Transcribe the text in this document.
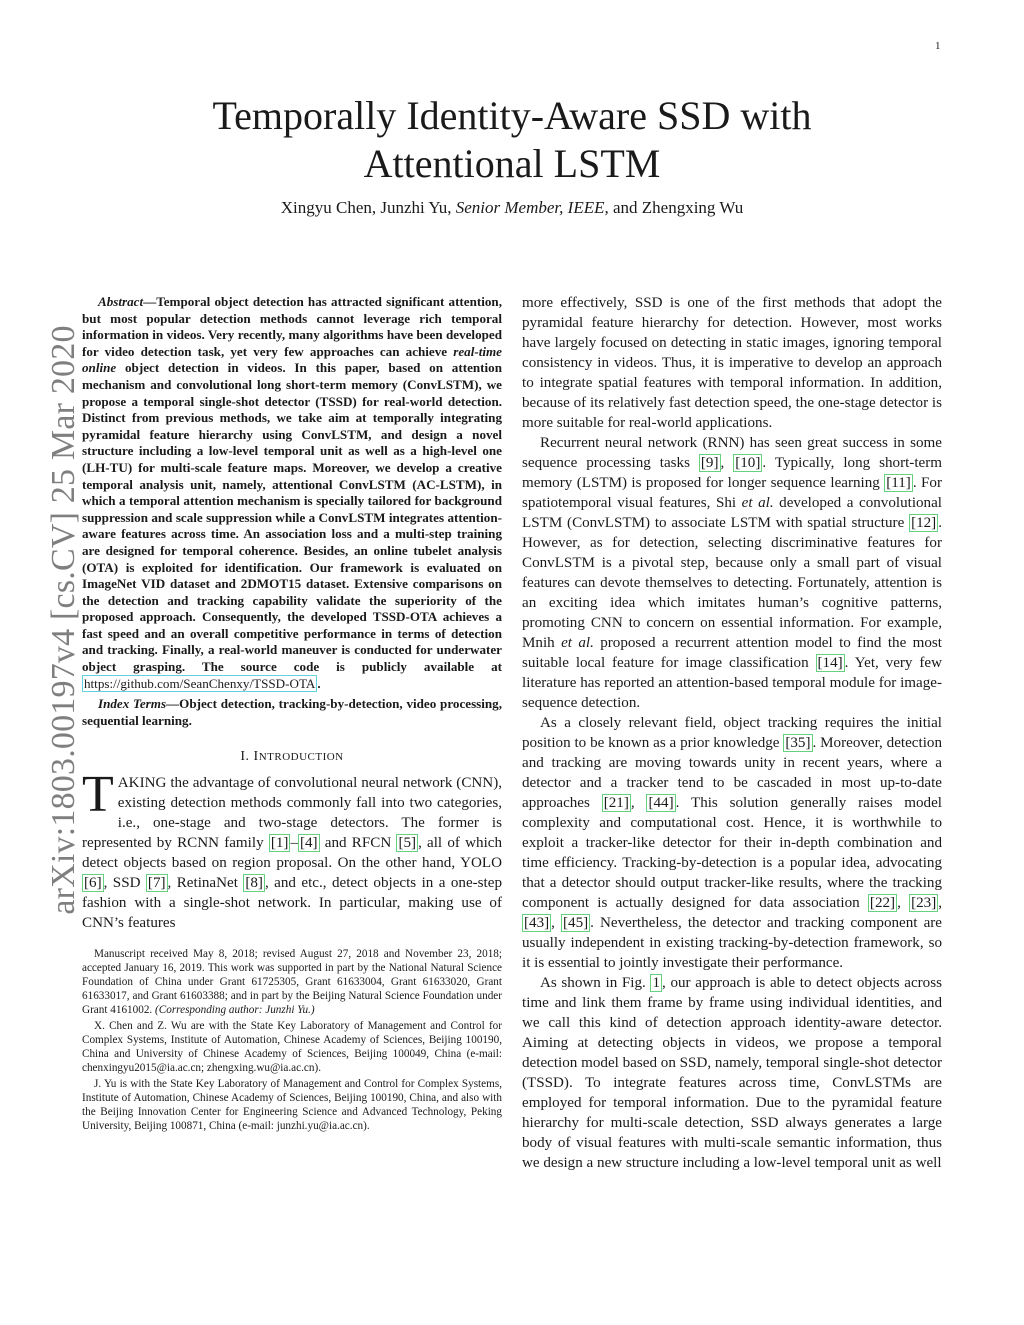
1
arXiv:1803.00197v4 [cs.CV] 25 Mar 2020
Temporally Identity-Aware SSD with
Attentional LSTM
Xingyu Chen, Junzhi Yu, Senior Member, IEEE, and Zhengxing Wu

Abstract—Temporal object detection has attracted significant attention, but most popular detection methods cannot leverage rich temporal information in videos. Very recently, many algorithms have been developed for video detection task, yet very few approaches can achieve real-time online object detection in videos. In this paper, based on attention mechanism and convolutional long short-term memory (ConvLSTM), we propose a temporal single-shot detector (TSSD) for real-world detection. Distinct from previous methods, we take aim at temporally integrating pyramidal feature hierarchy using ConvLSTM, and design a novel structure including a low-level temporal unit as well as a high-level one (LH-TU) for multi-scale feature maps. Moreover, we develop a creative temporal analysis unit, namely, attentional ConvLSTM (AC-LSTM), in which a temporal attention mechanism is specially tailored for background suppression and scale suppression while a ConvLSTM integrates attention-aware features across time. An association loss and a multi-step training are designed for temporal coherence. Besides, an online tubelet analysis (OTA) is exploited for identification. Our framework is evaluated on ImageNet VID dataset and 2DMOT15 dataset. Extensive comparisons on the detection and tracking capability validate the superiority of the proposed approach. Consequently, the developed TSSD-OTA achieves a fast speed and an overall competitive performance in terms of detection and tracking. Finally, a real-world maneuver is conducted for underwater object grasping. The source code is publicly available at https://github.com/SeanChenxy/TSSD-OTA .

Index Terms—Object detection, tracking-by-detection, video processing, sequential learning.

I. INTRODUCTION

TAKING the advantage of convolutional neural network (CNN), existing detection methods commonly fall into two categories, i.e., one-stage and two-stage detectors. The former is represented by RCNN family [1] – [4] and RFCN [5] , all of which detect objects based on region proposal. On the other hand, YOLO [6] , SSD [7] , RetinaNet [8] , and etc., detect objects in a one-step fashion with a single-shot network. In particular, making use of CNN’s features

Manuscript received May 8, 2018; revised August 27, 2018 and November 23, 2018; accepted January 16, 2019. This work was supported in part by the National Natural Science Foundation of China under Grant 61725305, Grant 61633004, Grant 61633020, Grant 61633017, and Grant 61603388; and in part by the Beijing Natural Science Foundation under Grant 4161002. (Corresponding author: Junzhi Yu.)

X. Chen and Z. Wu are with the State Key Laboratory of Management and Control for Complex Systems, Institute of Automation, Chinese Academy of Sciences, Beijing 100190, China and University of Chinese Academy of Sciences, Beijing 100049, China (e-mail: chenxingyu2015@ia.ac.cn; zhengxing.wu@ia.ac.cn).

J. Yu is with the State Key Laboratory of Management and Control for Complex Systems, Institute of Automation, Chinese Academy of Sciences, Beijing 100190, China, and also with the Beijing Innovation Center for Engineering Science and Advanced Technology, Peking University, Beijing 100871, China (e-mail: junzhi.yu@ia.ac.cn).

more effectively, SSD is one of the first methods that adopt the pyramidal feature hierarchy for detection. However, most works have largely focused on detecting in static images, ignoring temporal consistency in videos. Thus, it is imperative to develop an approach to integrate spatial features with temporal information. In addition, because of its relatively fast detection speed, the one-stage detector is more suitable for real-world applications.

Recurrent neural network (RNN) has seen great success in some sequence processing tasks [9] , [10] . Typically, long short-term memory (LSTM) is proposed for longer sequence learning [11] . For spatiotemporal visual features, Shi et al. developed a convolutional LSTM (ConvLSTM) to associate LSTM with spatial structure [12] . However, as for detection, selecting discriminative features for ConvLSTM is a pivotal step, because only a small part of visual features can devote themselves to detecting. Fortunately, attention is an exciting idea which imitates human’s cognitive patterns, promoting CNN to concern on essential information. For example, Mnih et al. proposed a recurrent attention model to find the most suitable local feature for image classification [14] . Yet, very few literature has reported an attention-based temporal module for image-sequence detection.

As a closely relevant field, object tracking requires the initial position to be known as a prior knowledge [35] . Moreover, detection and tracking are moving towards unity in recent years, where a detector and a tracker tend to be cascaded in most up-to-date approaches [21] , [44] . This solution generally raises model complexity and computational cost. Hence, it is worthwhile to exploit a tracker-like detector for their in-depth combination and time efficiency. Tracking-by-detection is a popular idea, advocating that a detector should output tracker-like results, where the tracking component is actually designed for data association [22] , [23] , [43] , [45] . Nevertheless, the detector and tracking component are usually independent in existing tracking-by-detection framework, so it is essential to jointly investigate their performance.

As shown in Fig. 1 , our approach is able to detect objects across time and link them frame by frame using individual identities, and we call this kind of detection approach identity-aware detector. Aiming at detecting objects in videos, we propose a temporal detection model based on SSD, namely, temporal single-shot detector (TSSD). To integrate features across time, ConvLSTMs are employed for temporal information. Due to the pyramidal feature hierarchy for multi-scale detection, SSD always generates a large body of visual features with multi-scale semantic information, thus we design a new structure including a low-level temporal unit as well
